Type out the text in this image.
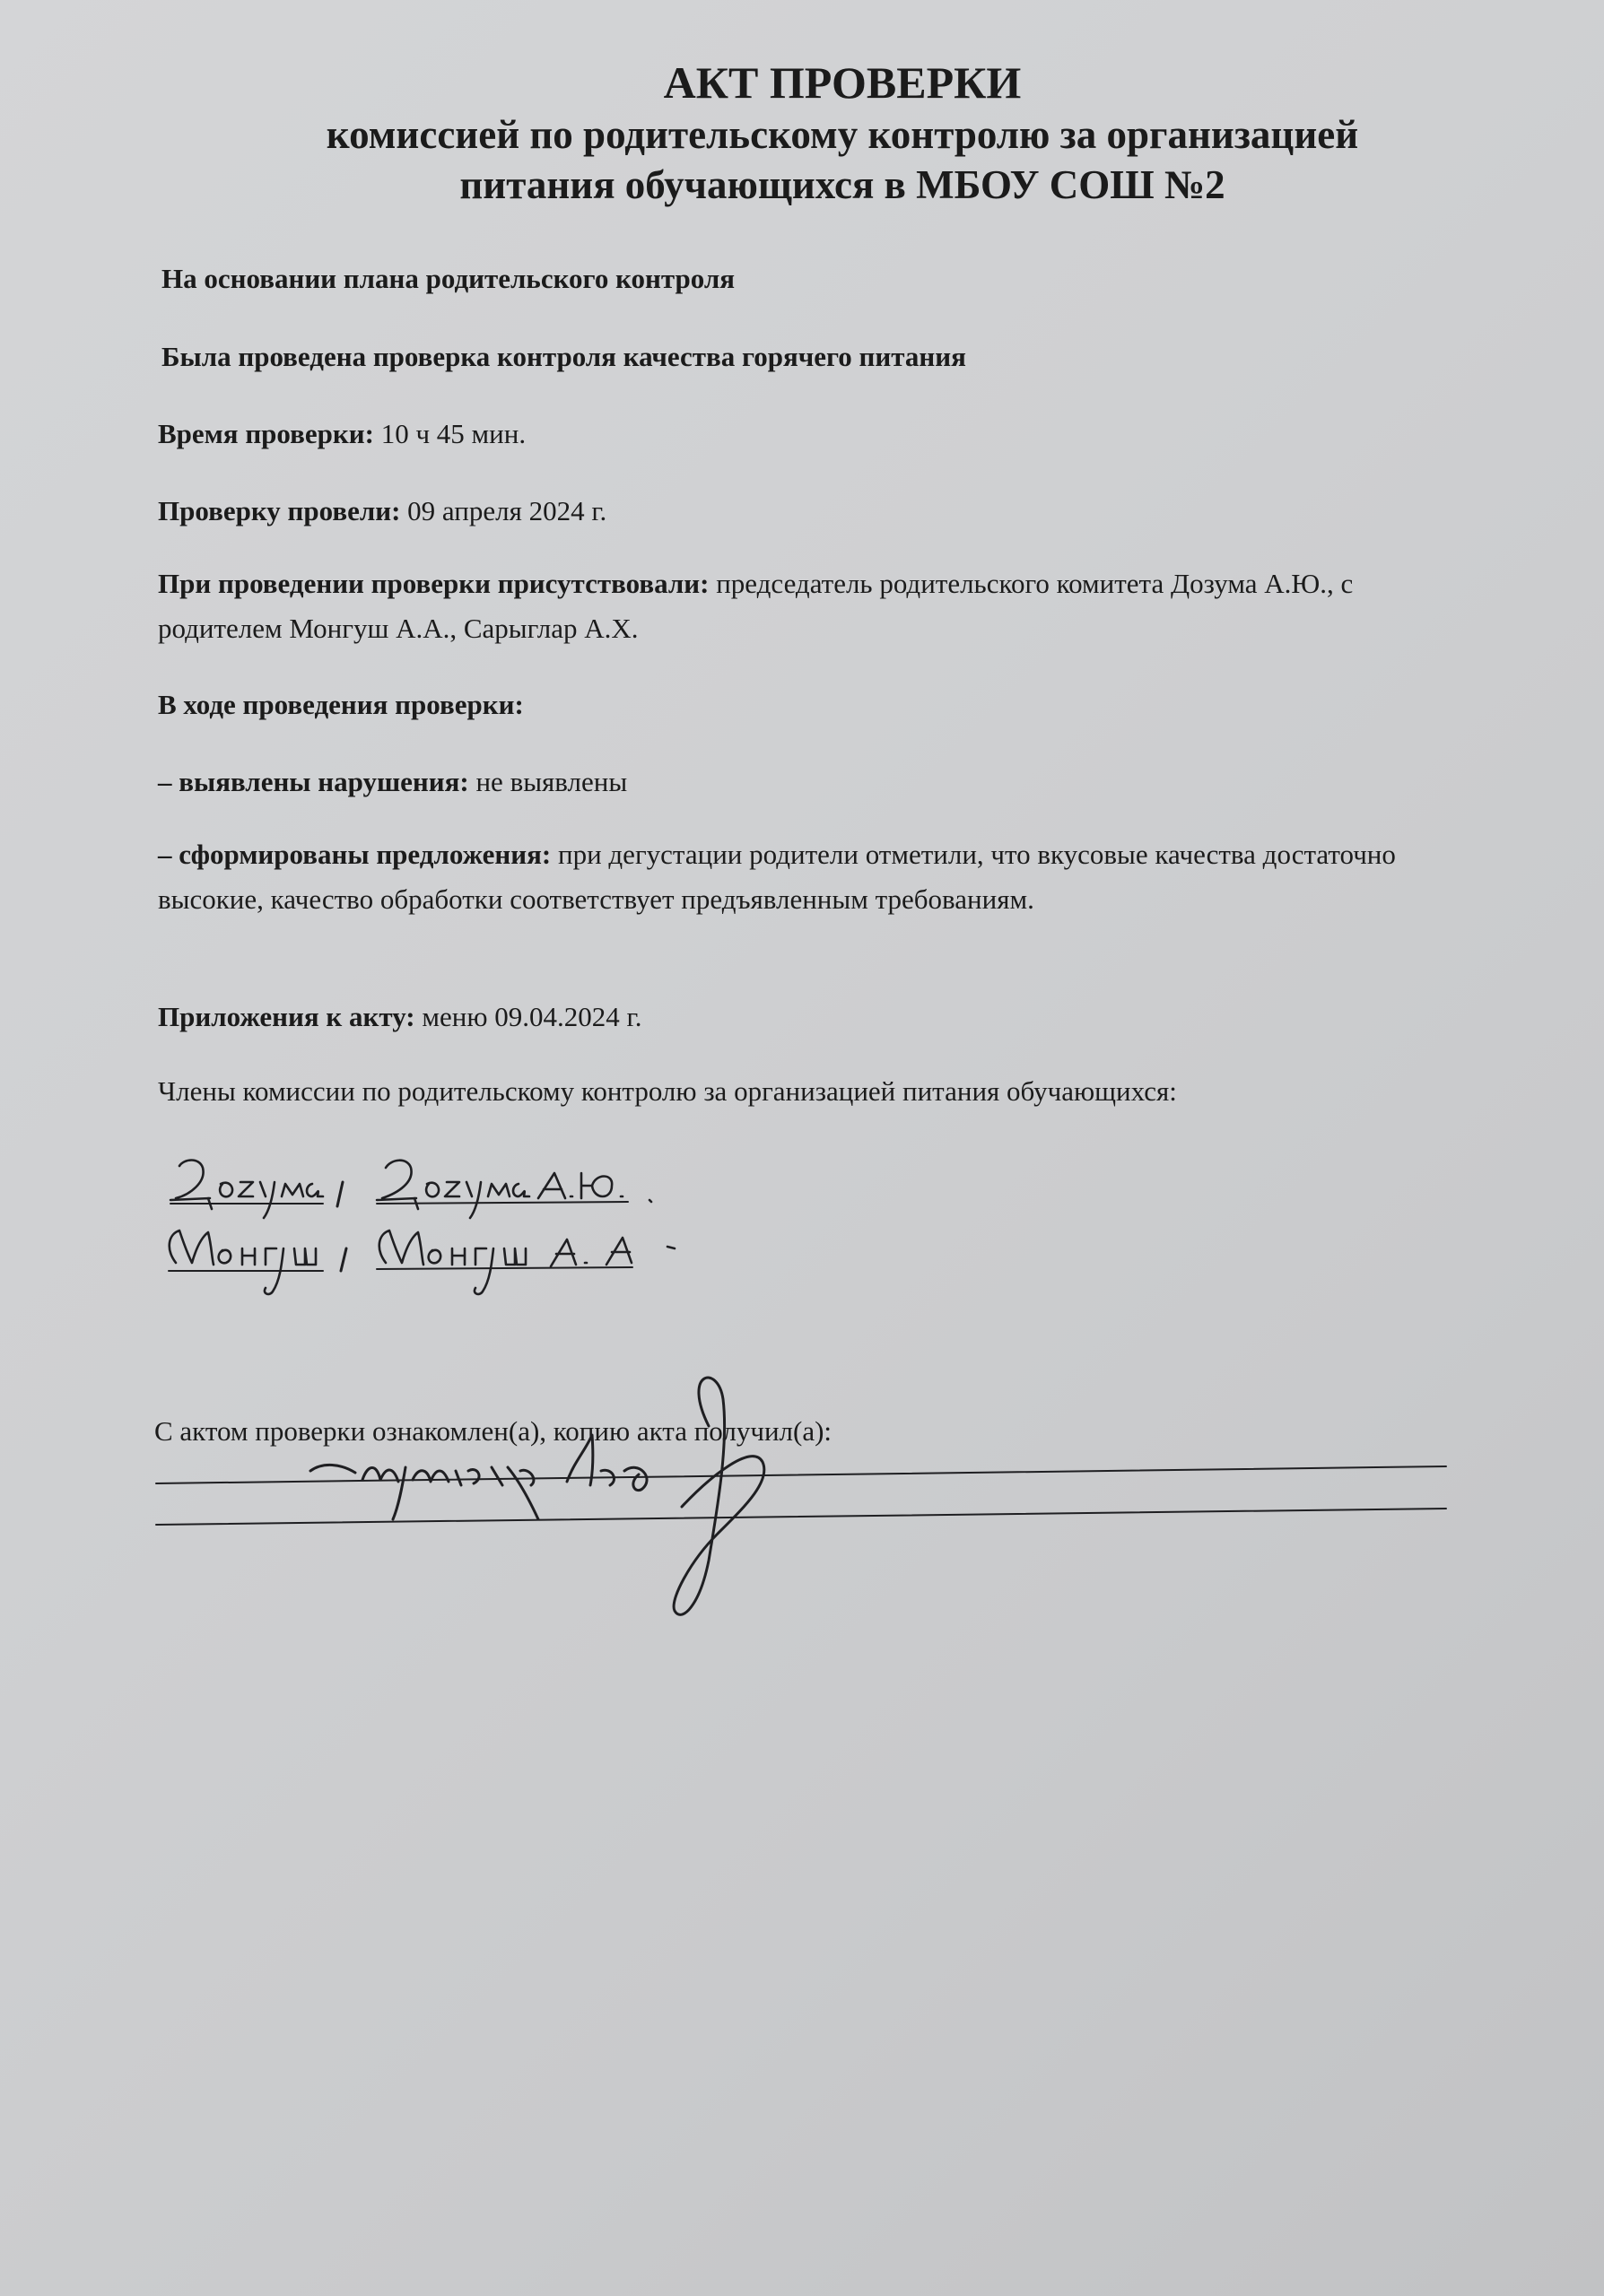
АКТ ПРОВЕРКИ
комиссией по родительскому контролю за организацией
питания обучающихся в МБОУ СОШ №2
На основании плана родительского контроля
Была проведена проверка контроля качества горячего питания
Время проверки: 10 ч 45 мин.
Проверку провели: 09 апреля 2024 г.
При проведении проверки присутствовали: председатель родительского комитета Дозума А.Ю., с родителем Монгуш А.А., Сарыглар А.Х.
В ходе проведения проверки:
– выявлены нарушения: не выявлены
– сформированы предложения: при дегустации родители отметили, что вкусовые качества достаточно высокие, качество обработки соответствует предъявленным требованиям.
Приложения к акту: меню 09.04.2024 г.
Члены комиссии по родительскому контролю за организацией питания обучающихся:
С актом проверки ознакомлен(а), копию акта получил(а):
